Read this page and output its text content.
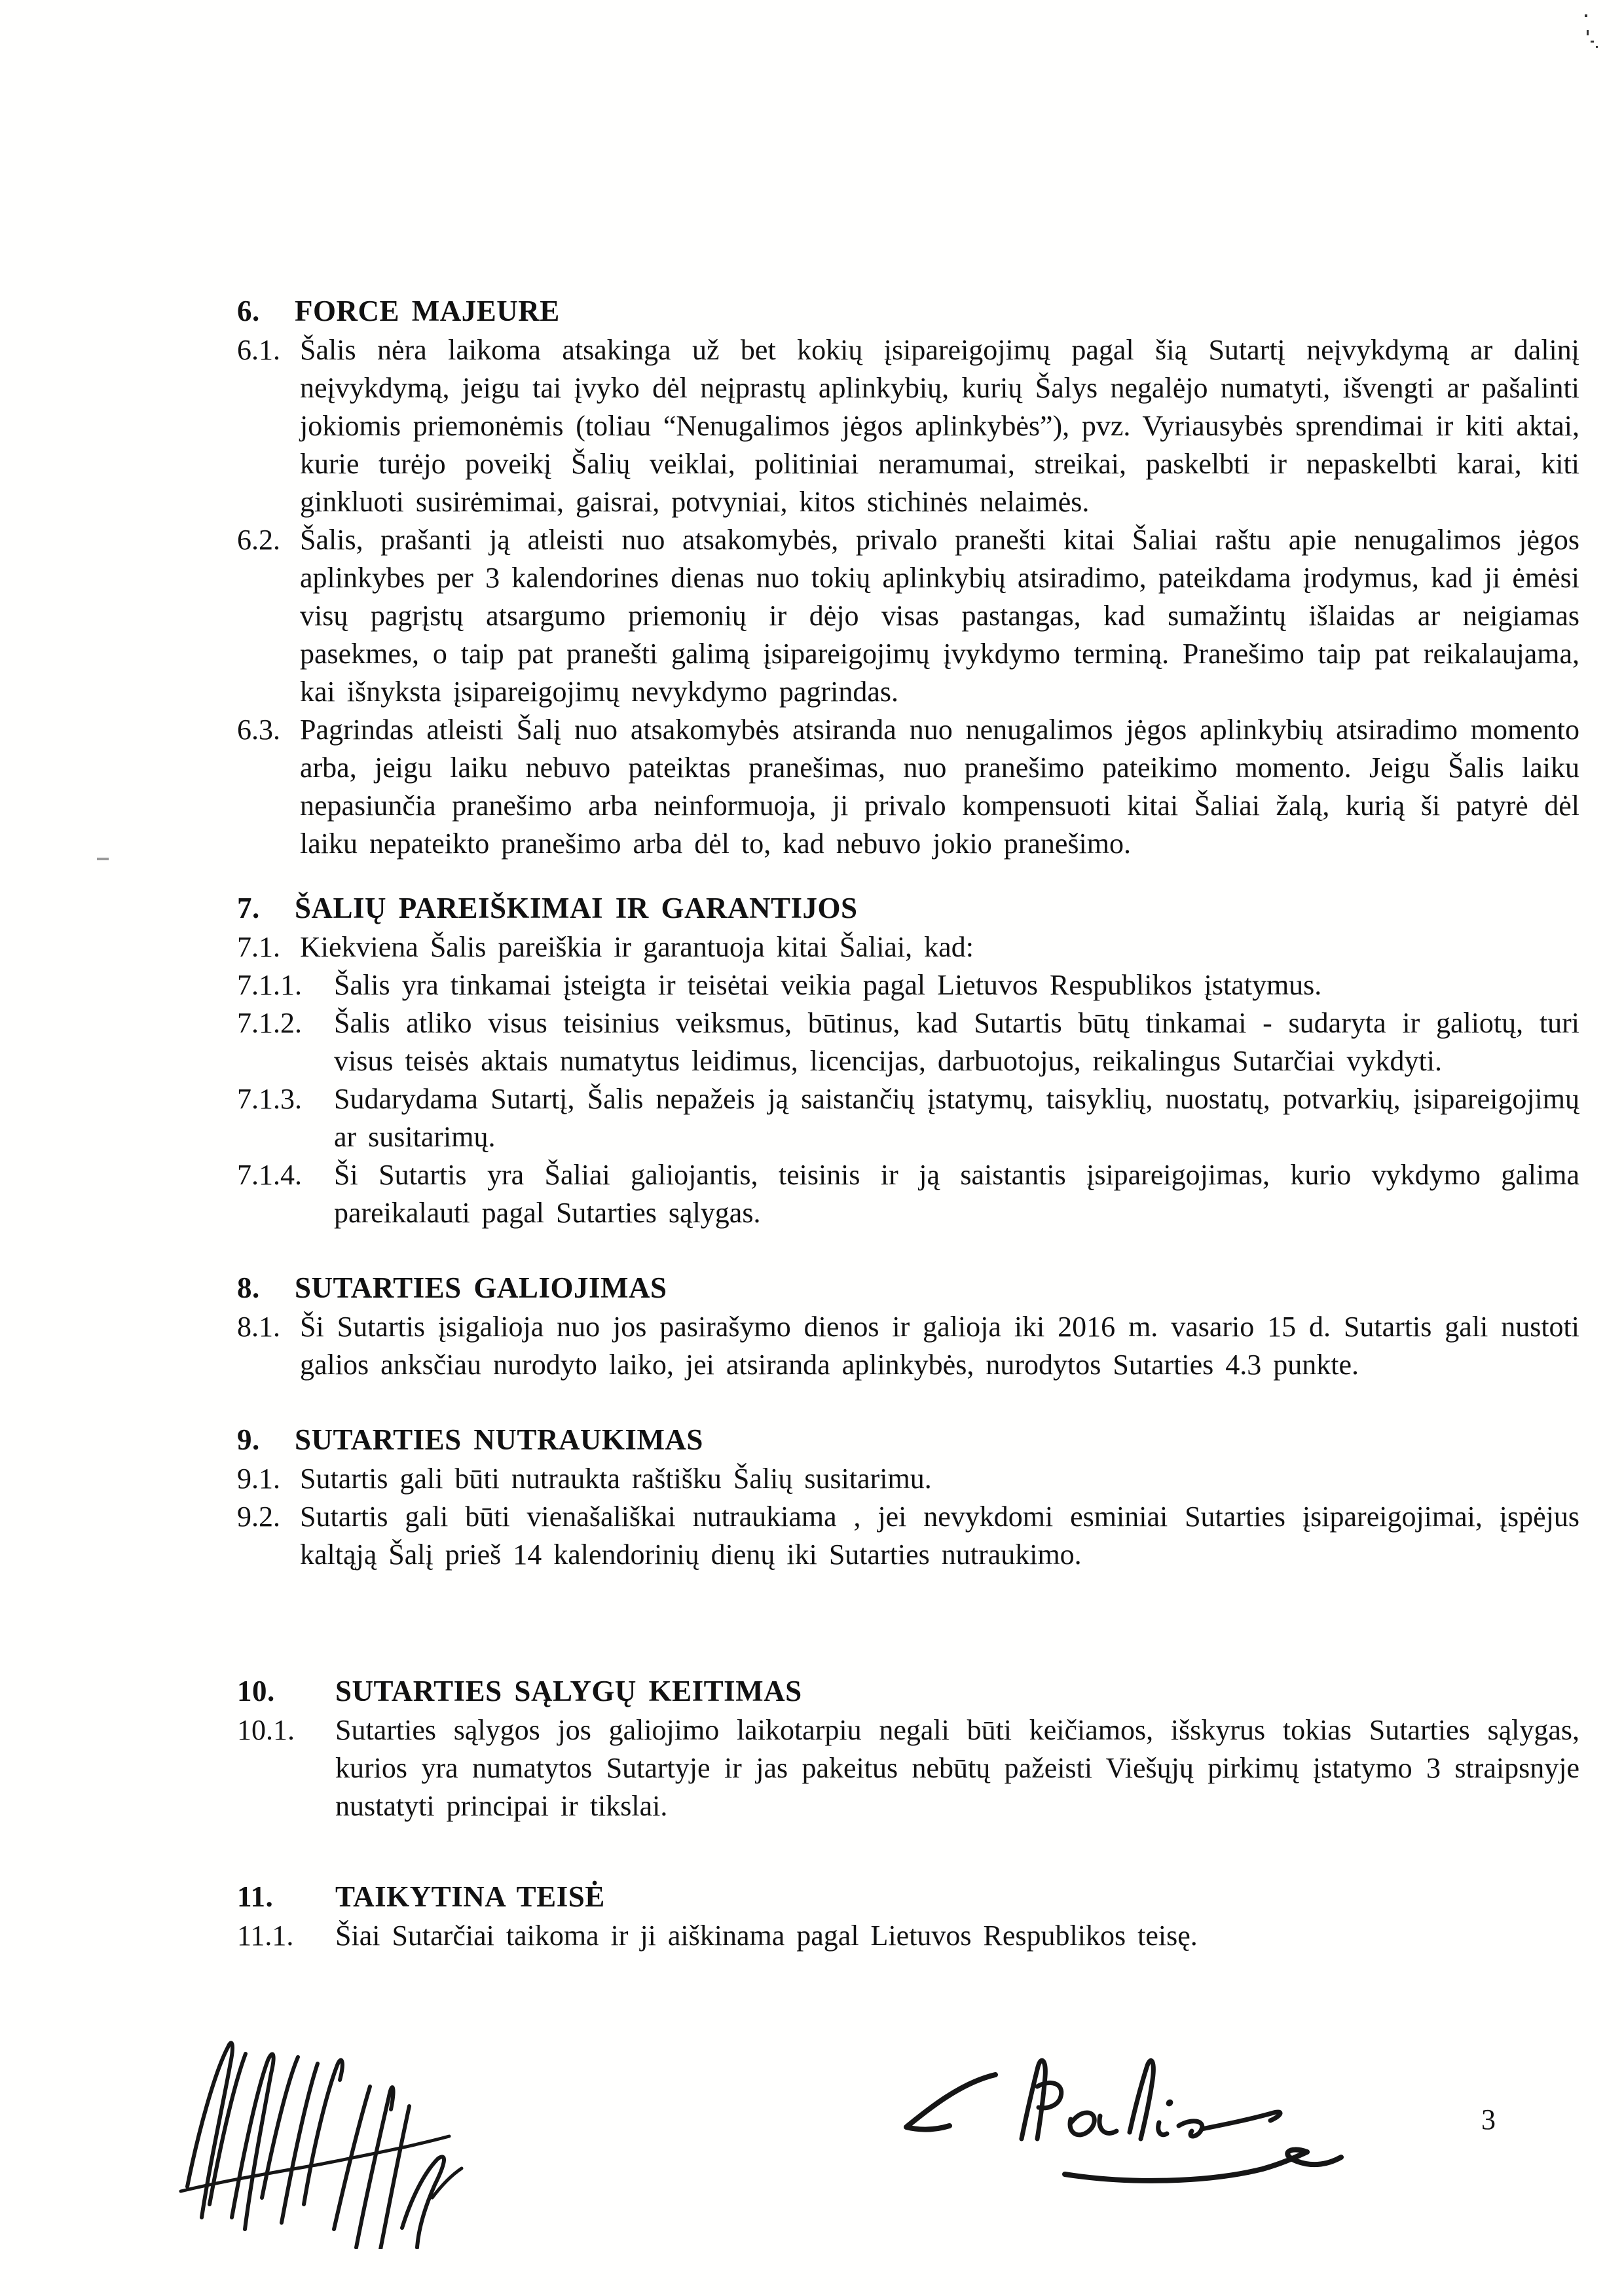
6. FORCE MAJEURE
6.1. Šalis nėra laikoma atsakinga už bet kokių įsipareigojimų pagal šią Sutartį neįvykdymą ar dalinį neįvykdymą, jeigu tai įvyko dėl neįprastų aplinkybių, kurių Šalys negalėjo numatyti, išvengti ar pašalinti jokiomis priemonėmis (toliau “Nenugalimos jėgos aplinkybės”), pvz. Vyriausybės sprendimai ir kiti aktai, kurie turėjo poveikį Šalių veiklai, politiniai neramumai, streikai, paskelbti ir nepaskelbti karai, kiti ginkluoti susirėmimai, gaisrai, potvyniai, kitos stichinės nelaimės.
6.2. Šalis, prašanti ją atleisti nuo atsakomybės, privalo pranešti kitai Šaliai raštu apie nenugalimos jėgos aplinkybes per 3 kalendorines dienas nuo tokių aplinkybių atsiradimo, pateikdama įrodymus, kad ji ėmėsi visų pagrįstų atsargumo priemonių ir dėjo visas pastangas, kad sumažintų išlaidas ar neigiamas pasekmes, o taip pat pranešti galimą įsipareigojimų įvykdymo terminą. Pranešimo taip pat reikalaujama, kai išnyksta įsipareigojimų nevykdymo pagrindas.
6.3. Pagrindas atleisti Šalį nuo atsakomybės atsiranda nuo nenugalimos jėgos aplinkybių atsiradimo momento arba, jeigu laiku nebuvo pateiktas pranešimas, nuo pranešimo pateikimo momento. Jeigu Šalis laiku nepasiunčia pranešimo arba neinformuoja, ji privalo kompensuoti kitai Šaliai žalą, kurią ši patyrė dėl laiku nepateikto pranešimo arba dėl to, kad nebuvo jokio pranešimo.
7. ŠALIŲ PAREIŠKIMAI IR GARANTIJOS
7.1. Kiekviena Šalis pareiškia ir garantuoja kitai Šaliai, kad:
7.1.1. Šalis yra tinkamai įsteigta ir teisėtai veikia pagal Lietuvos Respublikos įstatymus.
7.1.2. Šalis atliko visus teisinius veiksmus, būtinus, kad Sutartis būtų tinkamai - sudaryta ir galiotų, turi visus teisės aktais numatytus leidimus, licencijas, darbuotojus, reikalingus Sutarčiai vykdyti.
7.1.3. Sudarydama Sutartį, Šalis nepažeis ją saistančių įstatymų, taisyklių, nuostatų, potvarkių, įsipareigojimų ar susitarimų.
7.1.4. Ši Sutartis yra Šaliai galiojantis, teisinis ir ją saistantis įsipareigojimas, kurio vykdymo galima pareikalauti pagal Sutarties sąlygas.
8. SUTARTIES GALIOJIMAS
8.1. Ši Sutartis įsigalioja nuo jos pasirašymo dienos ir galioja iki 2016 m. vasario 15 d. Sutartis gali nustoti galios anksčiau nurodyto laiko, jei atsiranda aplinkybės, nurodytos Sutarties 4.3 punkte.
9. SUTARTIES NUTRAUKIMAS
9.1. Sutartis gali būti nutraukta raštišku Šalių susitarimu.
9.2. Sutartis gali būti vienašališkai nutraukiama , jei nevykdomi esminiai Sutarties įsipareigojimai, įspėjus kaltąją Šalį prieš 14 kalendorinių dienų iki Sutarties nutraukimo.
10. SUTARTIES SĄLYGŲ KEITIMAS
10.1. Sutarties sąlygos jos galiojimo laikotarpiu negali būti keičiamos, išskyrus tokias Sutarties sąlygas, kurios yra numatytos Sutartyje ir jas pakeitus nebūtų pažeisti Viešųjų pirkimų įstatymo 3 straipsnyje nustatyti principai ir tikslai.
11. TAIKYTINA TEISĖ
11.1. Šiai Sutarčiai taikoma ir ji aiškinama pagal Lietuvos Respublikos teisę.
3
